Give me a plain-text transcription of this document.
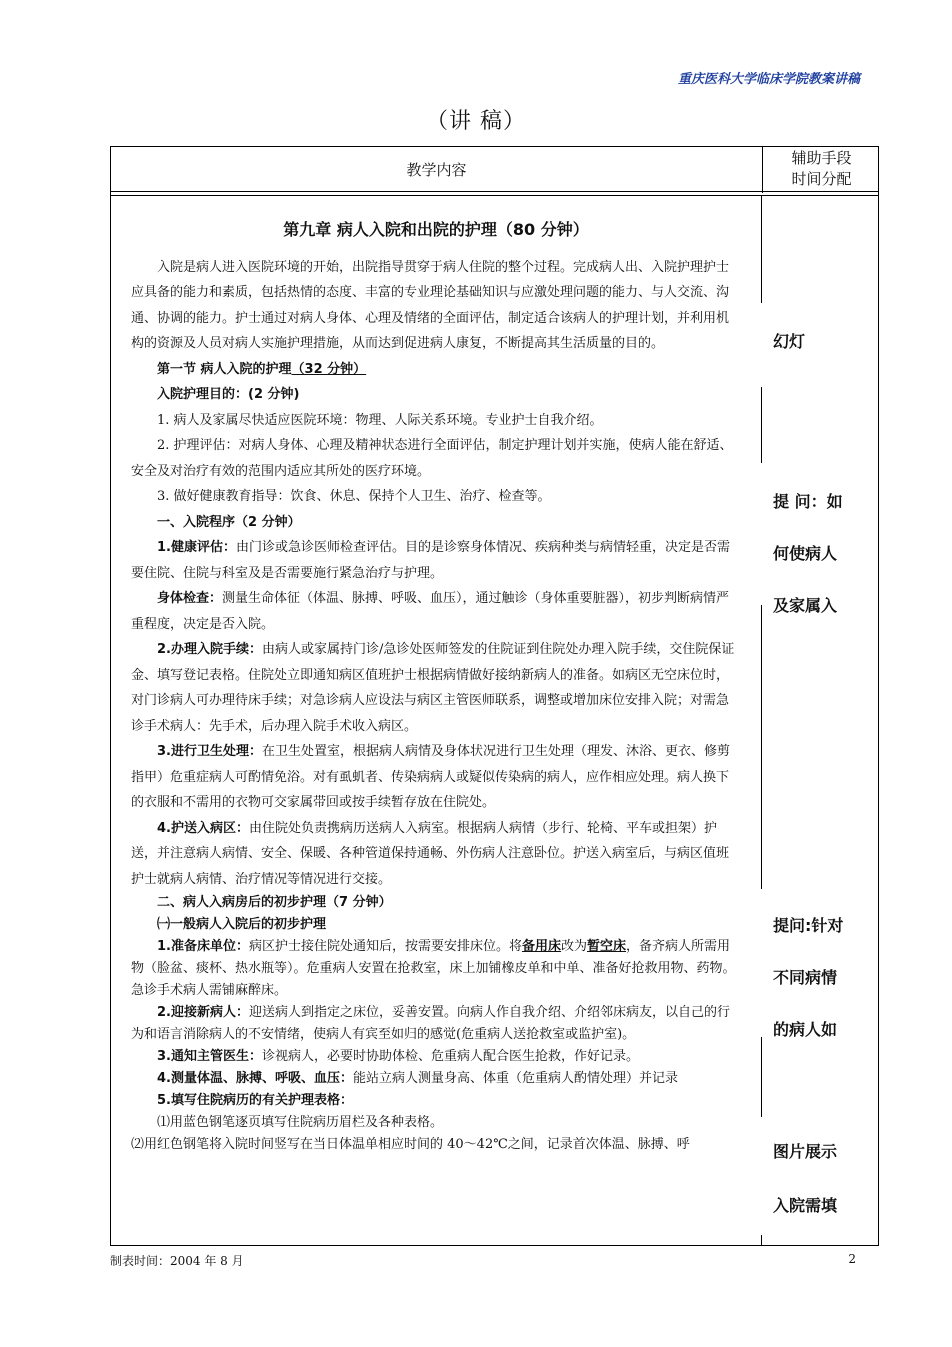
重庆医科大学临床学院教案讲稿
（讲 稿）
教学内容
辅助手段
时间分配

第九章 病人入院和出院的护理（80 分钟）

入院是病人进入医院环境的开始，出院指导贯穿于病人住院的整个过程。完成病人出、入院护理护士应具备的能力和素质，包括热情的态度、丰富的专业理论基础知识与应激处理问题的能力、与人交流、沟通、协调的能力。护士通过对病人身体、心理及情绪的全面评估，制定适合该病人的护理计划，并利用机构的资源及人员对病人实施护理措施，从而达到促进病人康复，不断提高其生活质量的目的。

第一节 病人入院的护理（32 分钟）

入院护理目的：(2 分钟)

1. 病人及家属尽快适应医院环境：物理、人际关系环境。专业护士自我介绍。

2. 护理评估：对病人身体、心理及精神状态进行全面评估，制定护理计划并实施，使病人能在舒适、安全及对治疗有效的范围内适应其所处的医疗环境。

3. 做好健康教育指导：饮食、休息、保持个人卫生、治疗、检查等。

一、入院程序（2 分钟）

1.健康评估：由门诊或急诊医师检查评估。目的是诊察身体情况、疾病种类与病情轻重，决定是否需要住院、住院与科室及是否需要施行紧急治疗与护理。

身体检查：测量生命体征（体温、脉搏、呼吸、血压），通过触诊（身体重要脏器），初步判断病情严重程度，决定是否入院。

2.办理入院手续：由病人或家属持门诊/急诊处医师签发的住院证到住院处办理入院手续，交住院保证金、填写登记表格。住院处立即通知病区值班护士根据病情做好接纳新病人的准备。如病区无空床位时，对门诊病人可办理待床手续；对急诊病人应设法与病区主管医师联系，调整或增加床位安排入院；对需急诊手术病人：先手术，后办理入院手术收入病区。

3.进行卫生处理：在卫生处置室，根据病人病情及身体状况进行卫生处理（理发、沐浴、更衣、修剪指甲）危重症病人可酌情免浴。对有虱虮者、传染病病人或疑似传染病的病人，应作相应处理。病人换下的衣服和不需用的衣物可交家属带回或按手续暂存放在住院处。

4.护送入病区：由住院处负责携病历送病人入病室。根据病人病情（步行、轮椅、平车或担架）护送，并注意病人病情、安全、保暖、各种管道保持通畅、外伤病人注意卧位。护送入病室后，与病区值班护士就病人病情、治疗情况等情况进行交接。

二、病人入病房后的初步护理（7 分钟）

㈠一般病人入院后的初步护理

1.准备床单位：病区护士接住院处通知后，按需要安排床位。将备用床改为暂空床，备齐病人所需用物（脸盆、痰杯、热水瓶等）。危重病人安置在抢救室，床上加铺橡皮单和中单、准备好抢救用物、药物。急诊手术病人需铺麻醉床。

2.迎接新病人：迎送病人到指定之床位，妥善安置。向病人作自我介绍、介绍邻床病友，以自己的行为和语言消除病人的不安情绪，使病人有宾至如归的感觉(危重病人送抢救室或监护室)。

3.通知主管医生：诊视病人，必要时协助体检、危重病人配合医生抢救，作好记录。

4.测量体温、脉搏、呼吸、血压：能站立病人测量身高、体重（危重病人酌情处理）并记录

5.填写住院病历的有关护理表格：

⑴用蓝色钢笔逐页填写住院病历眉栏及各种表格。

⑵用红色钢笔将入院时间竖写在当日体温单相应时间的 40～42℃之间，记录首次体温、脉搏、呼

幻灯
提 问：如
何使病人
及家属入
提问:针对
不同病情
的病人如
图片展示
入院需填
制表时间：2004 年 8 月	2
